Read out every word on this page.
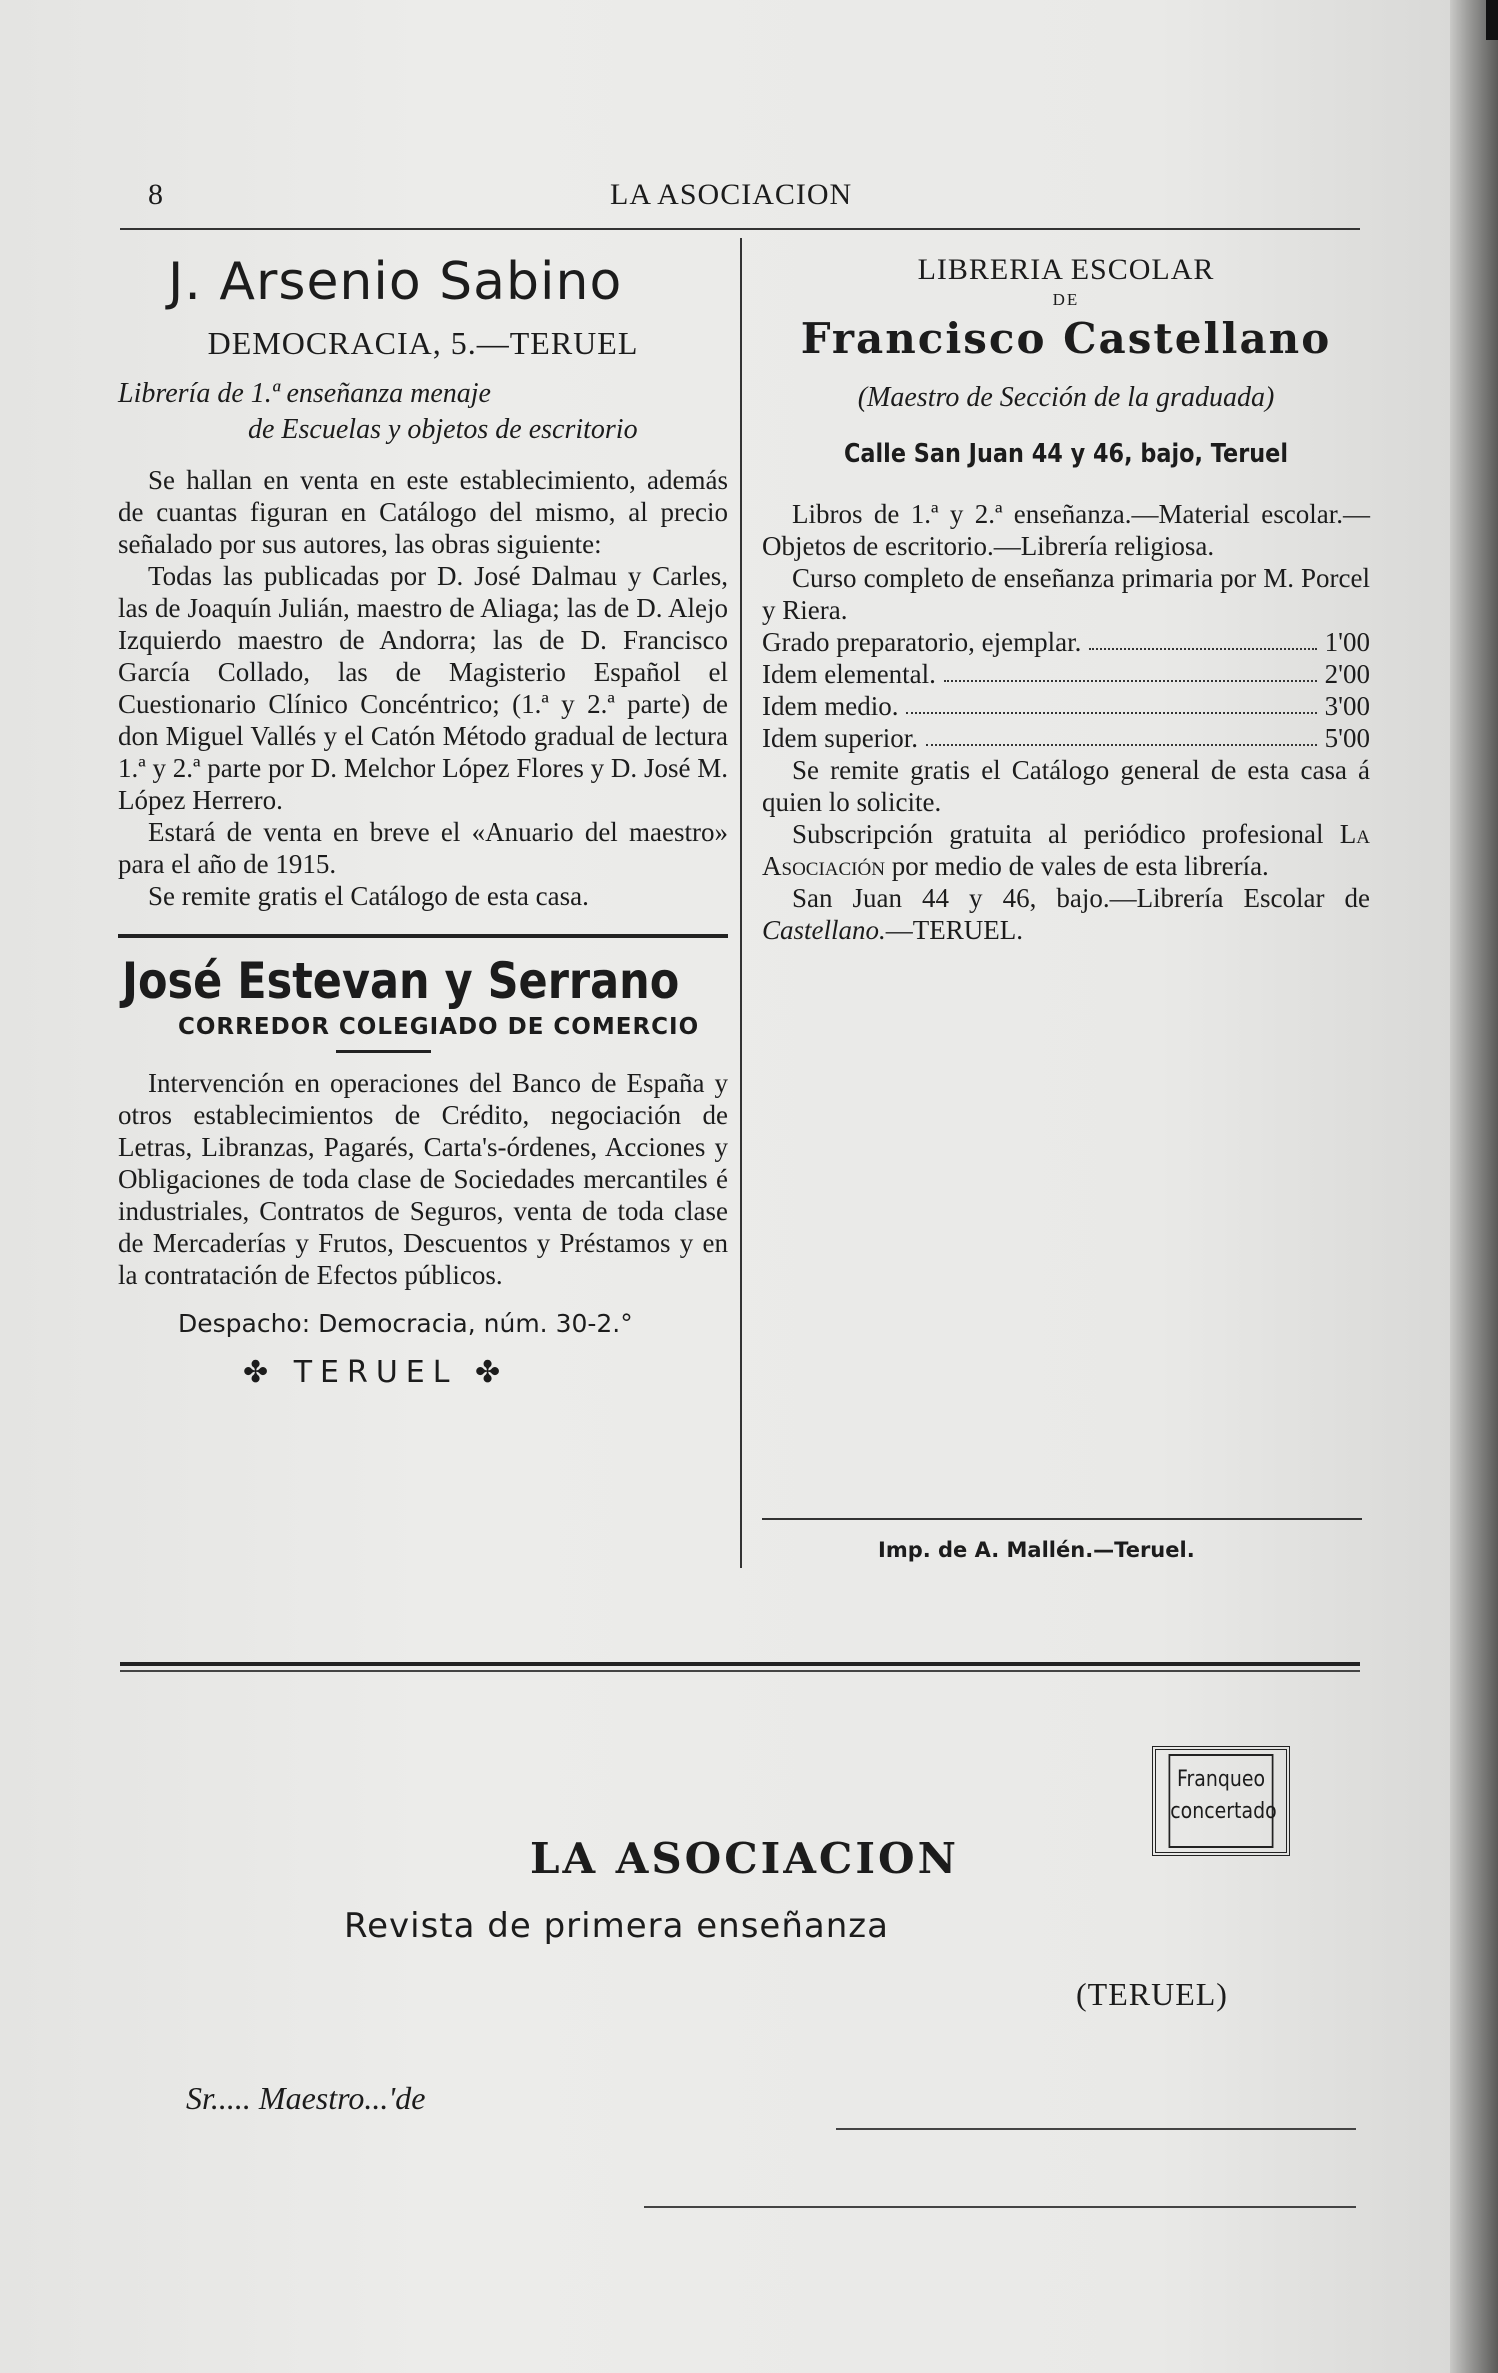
8	LA ASOCIACION
J. Arsenio Sabino
DEMOCRACIA, 5.—TERUEL
Librería de 1.ª enseñanza menaje
de Escuelas y objetos de escritorio

Se hallan en venta en este establecimiento, además de cuantas figuran en Catálogo del mismo, al precio señalado por sus autores, las obras siguiente:

Todas las publicadas por D. José Dalmau y Carles, las de Joaquín Julián, maestro de Aliaga; las de D. Alejo Izquierdo maestro de Andorra; las de D. Francisco García Collado, las de Magisterio Español el Cuestionario Clínico Concéntrico; (1.ª y 2.ª parte) de don Miguel Vallés y el Catón Método gradual de lectura 1.ª y 2.ª parte por D. Melchor López Flores y D. José M. López Herrero.

Estará de venta en breve el «Anuario del maestro» para el año de 1915.

Se remite gratis el Catálogo de esta casa.

José Estevan y Serrano
CORREDOR COLEGIADO DE COMERCIO

Intervención en operaciones del Banco de España y otros establecimientos de Crédito, negociación de Letras, Libranzas, Pagarés, Carta's-órdenes, Acciones y Obligaciones de toda clase de Sociedades mercantiles é industriales, Contratos de Seguros, venta de toda clase de Mercaderías y Frutos, Descuentos y Préstamos y en la contratación de Efectos públicos.

Despacho: Democracia, núm. 30-2.°
✤ TERUEL ✤
LIBRERIA ESCOLAR
DE
Francisco Castellano
(Maestro de Sección de la graduada)
Calle San Juan 44 y 46, bajo, Teruel

Libros de 1.ª y 2.ª enseñanza.—Material escolar.—Objetos de escritorio.—Librería religiosa.

Curso completo de enseñanza primaria por M. Porcel y Riera.

Grado preparatorio, ejemplar.	1'00
Idem elemental.	2'00
Idem medio.	3'00
Idem superior.	5'00

Se remite gratis el Catálogo general de esta casa á quien lo solicite.

Subscripción gratuita al periódico profesional La Asociación por medio de vales de esta librería.

San Juan 44 y 46, bajo.—Librería Escolar de Castellano.—TERUEL.

Imp. de A. Mallén.—Teruel.
Franqueo
concertado
LA ASOCIACION
Revista de primera enseñanza
(TERUEL)
Sr..... Maestro...'de
